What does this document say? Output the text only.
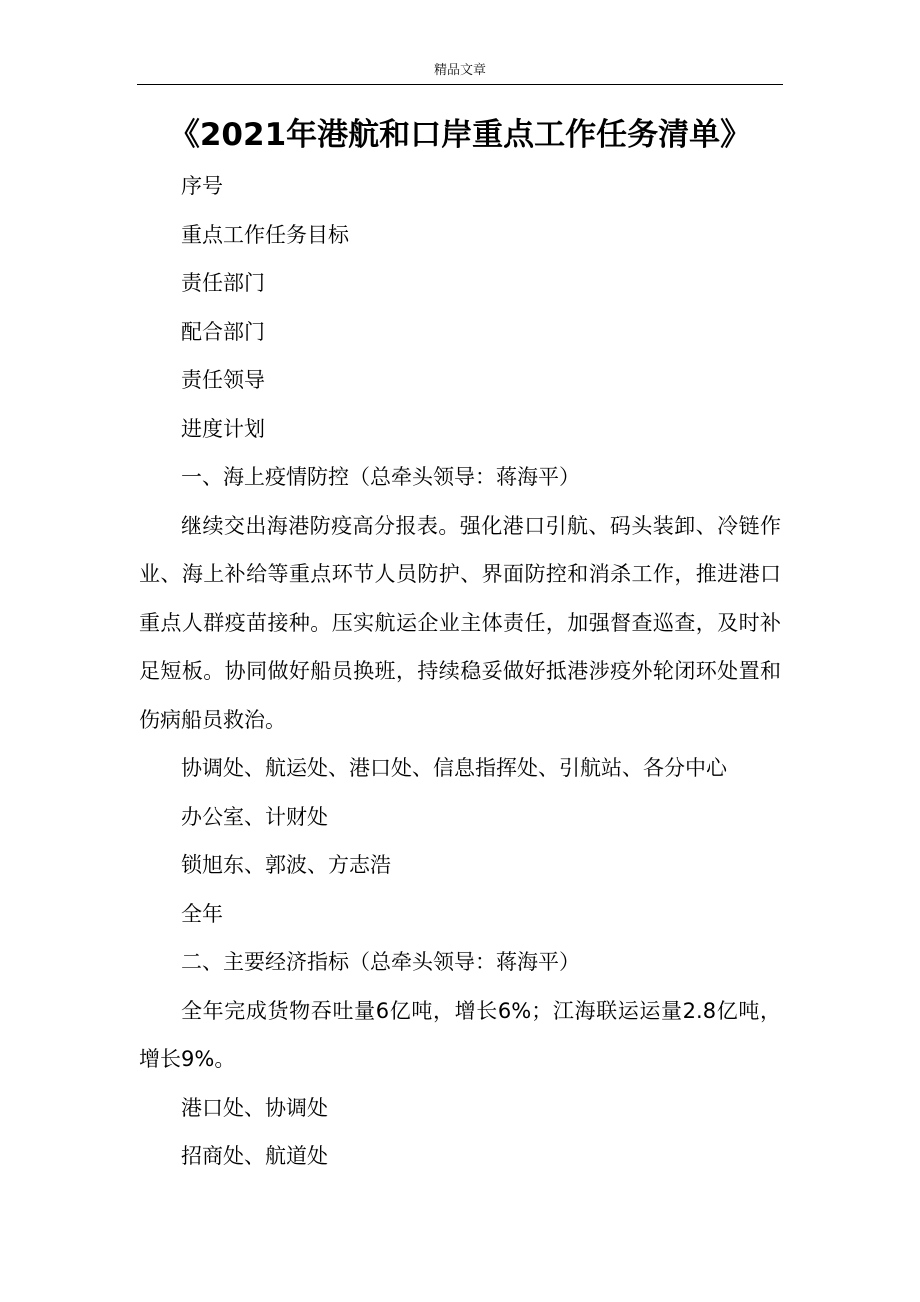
精品文章
《2021年港航和口岸重点工作任务清单》

序号

重点工作任务目标

责任部门

配合部门

责任领导

进度计划

一、海上疫情防控（总牵头领导：蒋海平）

继续交出海港防疫高分报表。强化港口引航、码头装卸、冷链作业、海上补给等重点环节人员防护、界面防控和消杀工作，推进港口重点人群疫苗接种。压实航运企业主体责任，加强督查巡查，及时补足短板。协同做好船员换班，持续稳妥做好抵港涉疫外轮闭环处置和伤病船员救治。

协调处、航运处、港口处、信息指挥处、引航站、各分中心

办公室、计财处

锁旭东、郭波、方志浩

全年

二、主要经济指标（总牵头领导：蒋海平）

全年完成货物吞吐量6亿吨，增长6%；江海联运运量2.8亿吨，增长9%。

港口处、协调处

招商处、航道处
